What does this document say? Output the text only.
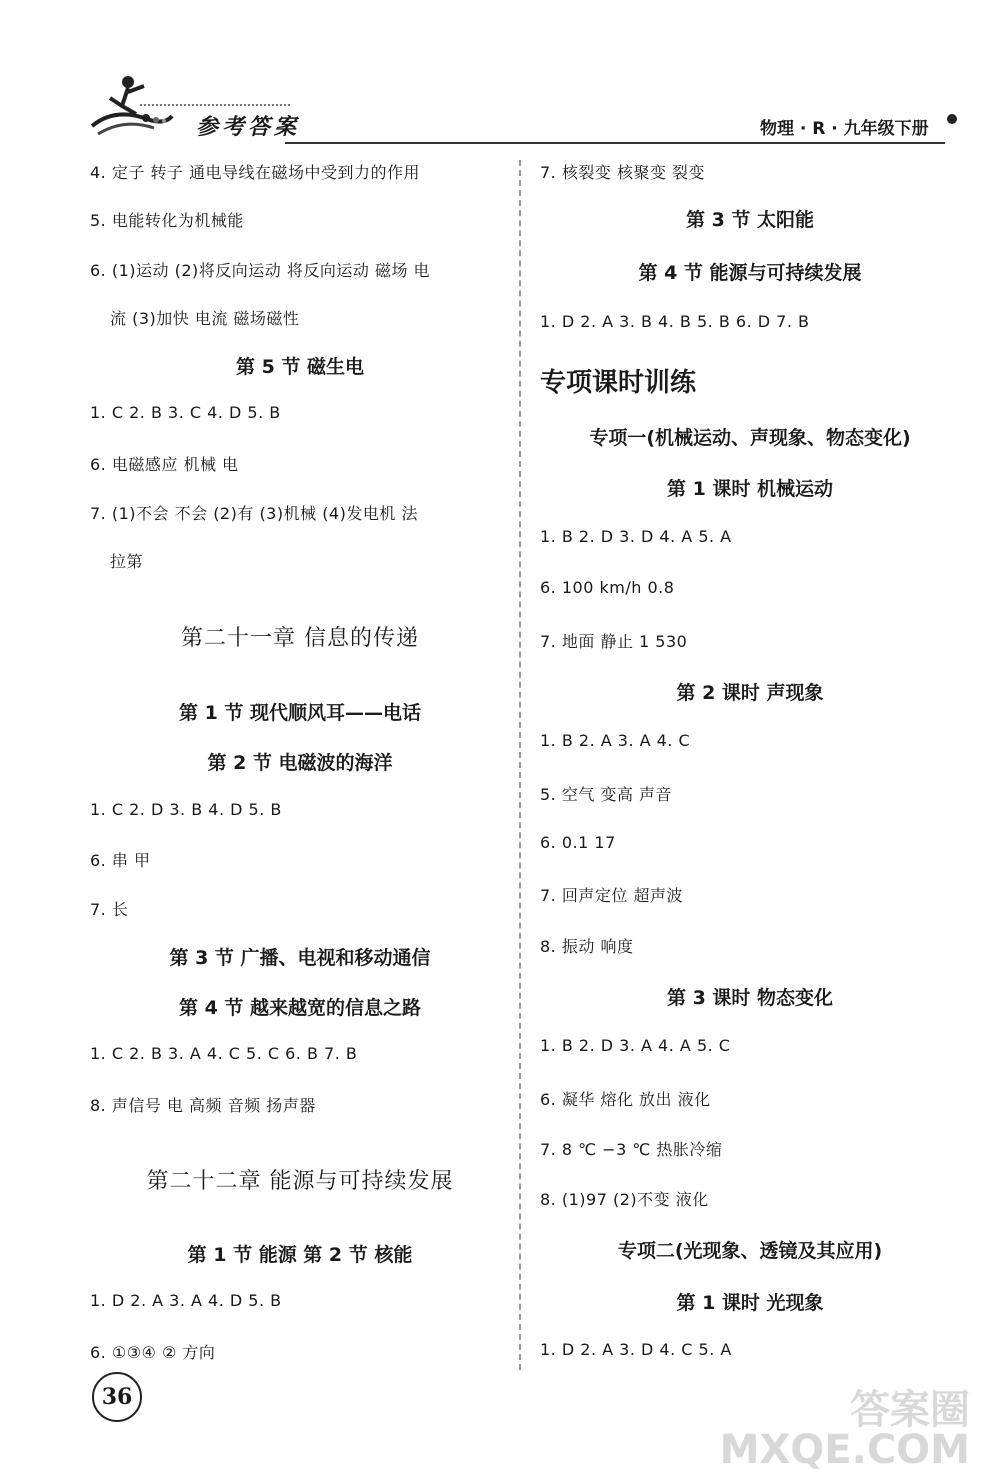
参考答案	物理 · R · 九年级下册
4. 定子 转子 通电导线在磁场中受到力的作用
5. 电能转化为机械能
6. (1)运动 (2)将反向运动 将反向运动 磁场 电
流 (3)加快 电流 磁场磁性
第 5 节 磁生电
1. C 2. B 3. C 4. D 5. B
6. 电磁感应 机械 电
7. (1)不会 不会 (2)有 (3)机械 (4)发电机 法
拉第
第二十一章 信息的传递
第 1 节 现代顺风耳——电话
第 2 节 电磁波的海洋
1. C 2. D 3. B 4. D 5. B
6. 串 甲
7. 长
第 3 节 广播、电视和移动通信
第 4 节 越来越宽的信息之路
1. C 2. B 3. A 4. C 5. C 6. B 7. B
8. 声信号 电 高频 音频 扬声器
第二十二章 能源与可持续发展
第 1 节 能源 第 2 节 核能
1. D 2. A 3. A 4. D 5. B
6. ①③④ ② 方向
7. 核裂变 核聚变 裂变
第 3 节 太阳能
第 4 节 能源与可持续发展
1. D 2. A 3. B 4. B 5. B 6. D 7. B
专项课时训练
专项一(机械运动、声现象、物态变化)
第 1 课时 机械运动
1. B 2. D 3. D 4. A 5. A
6. 100 km/h 0.8
7. 地面 静止 1 530
第 2 课时 声现象
1. B 2. A 3. A 4. C
5. 空气 变高 声音
6. 0.1 17
7. 回声定位 超声波
8. 振动 响度
第 3 课时 物态变化
1. B 2. D 3. A 4. A 5. C
6. 凝华 熔化 放出 液化
7. 8 ℃ −3 ℃ 热胀冷缩
8. (1)97 (2)不变 液化
专项二(光现象、透镜及其应用)
第 1 课时 光现象
1. D 2. A 3. D 4. C 5. A
36	答案圈 MXQE.COM
